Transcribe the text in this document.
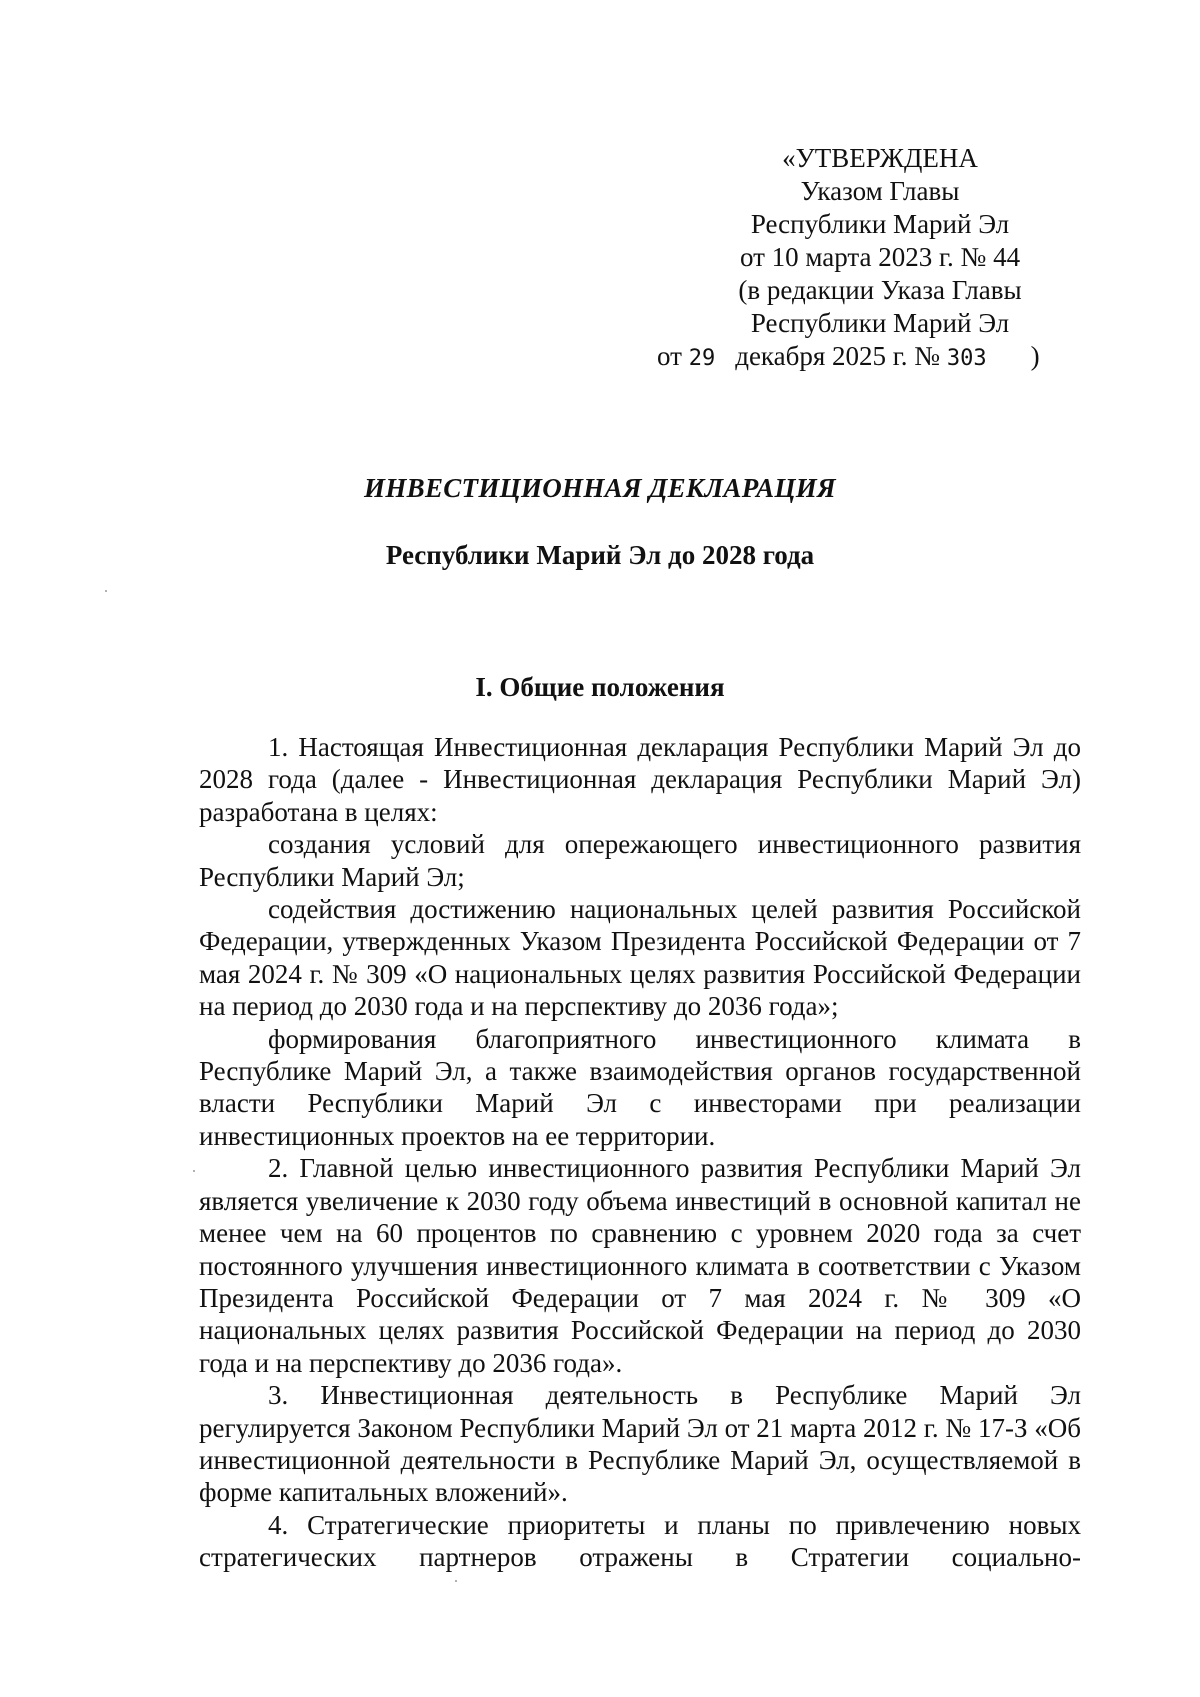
«УТВЕРЖДЕНА
Указом Главы
Республики Марий Эл
от 10 марта 2023 г. № 44
(в редакции Указа Главы
Республики Марий Эл
от 29 декабря 2025 г. № 303 )
ИНВЕСТИЦИОННАЯ ДЕКЛАРАЦИЯ
Республики Марий Эл до 2028 года
I. Общие положения

1. Настоящая Инвестиционная декларация Республики Марий Эл до 2028 года (далее - Инвестиционная декларация Республики Марий Эл) разработана в целях:

создания условий для опережающего инвестиционного развития Республики Марий Эл;

содействия достижению национальных целей развития Российской Федерации, утвержденных Указом Президента Российской Федерации от 7 мая 2024 г. № 309 «О национальных целях развития Российской Федерации на период до 2030 года и на перспективу до 2036 года»;

формирования благоприятного инвестиционного климата в Республике Марий Эл, а также взаимодействия органов государственной власти Республики Марий Эл с инвесторами при реализации инвестиционных проектов на ее территории.

2. Главной целью инвестиционного развития Республики Марий Эл является увеличение к 2030 году объема инвестиций в основной капитал не менее чем на 60 процентов по сравнению с уровнем 2020 года за счет постоянного улучшения инвестиционного климата в соответствии с Указом Президента Российской Федерации от 7 мая 2024 г. № 309 «О национальных целях развития Российской Федерации на период до 2030 года и на перспективу до 2036 года».

3. Инвестиционная деятельность в Республике Марий Эл регулируется Законом Республики Марий Эл от 21 марта 2012 г. № 17-З «Об инвестиционной деятельности в Республике Марий Эл, осуществляемой в форме капитальных вложений».

4. Стратегические приоритеты и планы по привлечению новых стратегических партнеров отражены в Стратегии социально-
